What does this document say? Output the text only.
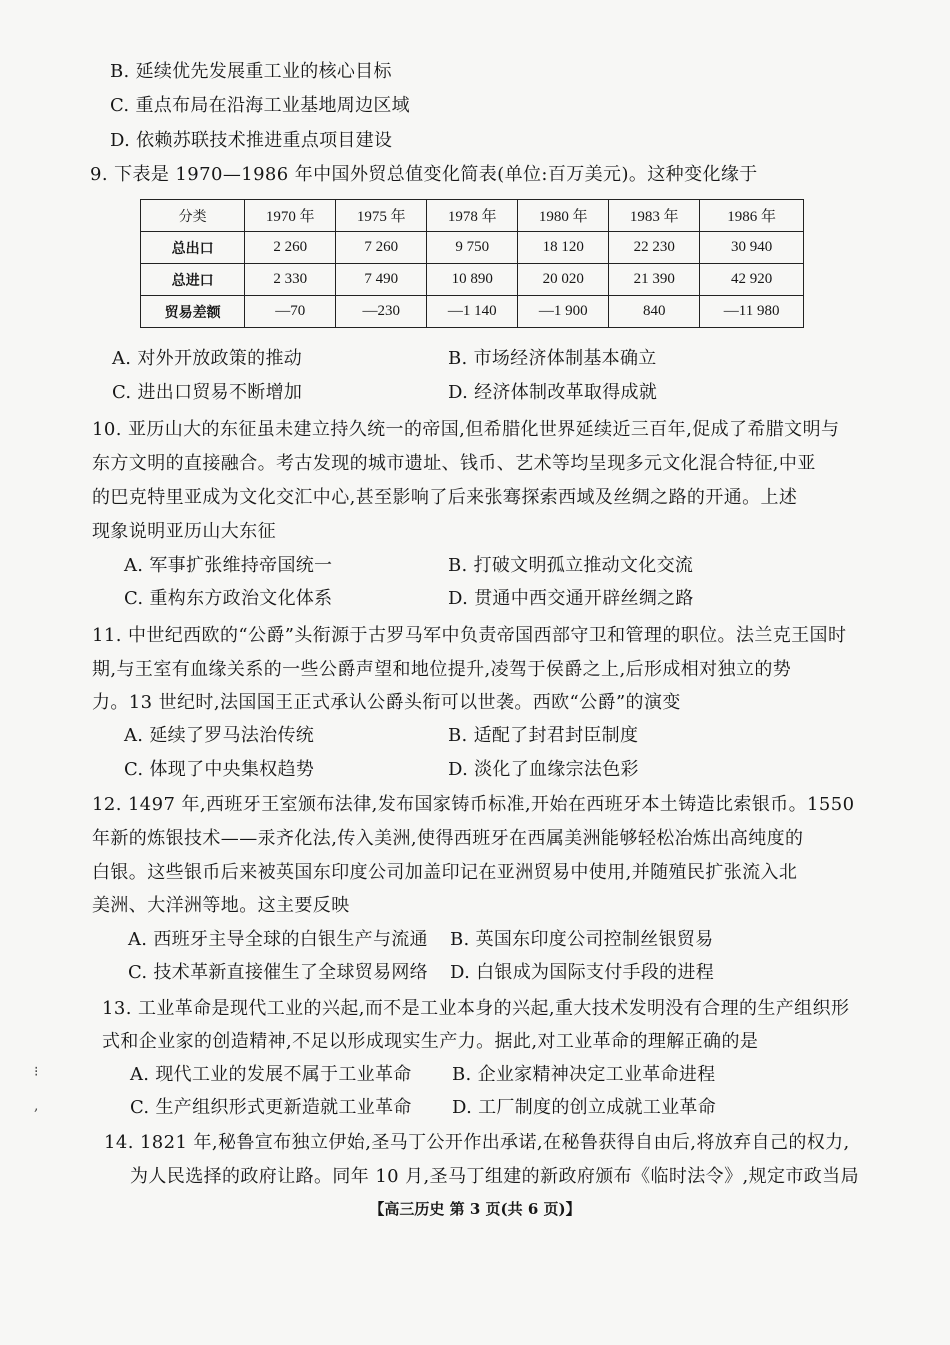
B. 延续优先发展重工业的核心目标
C. 重点布局在沿海工业基地周边区域
D. 依赖苏联技术推进重点项目建设
9. 下表是 1970—1986 年中国外贸总值变化简表(单位:百万美元)。这种变化缘于
分类	1970 年	1975 年	1978 年	1980 年	1983 年	1986 年
总出口	2 260	7 260	9 750	18 120	22 230	30 940
总进口	2 330	7 490	10 890	20 020	21 390	42 920
贸易差额	—70	—230	—1 140	—1 900	840	—11 980
A. 对外开放政策的推动	B. 市场经济体制基本确立
C. 进出口贸易不断增加	D. 经济体制改革取得成就
10. 亚历山大的东征虽未建立持久统一的帝国,但希腊化世界延续近三百年,促成了希腊文明与
东方文明的直接融合。考古发现的城市遗址、钱币、艺术等均呈现多元文化混合特征,中亚
的巴克特里亚成为文化交汇中心,甚至影响了后来张骞探索西域及丝绸之路的开通。上述
现象说明亚历山大东征
A. 军事扩张维持帝国统一	B. 打破文明孤立推动文化交流
C. 重构东方政治文化体系	D. 贯通中西交通开辟丝绸之路
11. 中世纪西欧的“公爵”头衔源于古罗马军中负责帝国西部守卫和管理的职位。法兰克王国时
期,与王室有血缘关系的一些公爵声望和地位提升,凌驾于侯爵之上,后形成相对独立的势
力。13 世纪时,法国国王正式承认公爵头衔可以世袭。西欧“公爵”的演变
A. 延续了罗马法治传统	B. 适配了封君封臣制度
C. 体现了中央集权趋势	D. 淡化了血缘宗法色彩
12. 1497 年,西班牙王室颁布法律,发布国家铸币标准,开始在西班牙本土铸造比索银币。1550
年新的炼银技术——汞齐化法,传入美洲,使得西班牙在西属美洲能够轻松冶炼出高纯度的
白银。这些银币后来被英国东印度公司加盖印记在亚洲贸易中使用,并随殖民扩张流入北
美洲、大洋洲等地。这主要反映
A. 西班牙主导全球的白银生产与流通 B. 英国东印度公司控制丝银贸易
C. 技术革新直接催生了全球贸易网络 D. 白银成为国际支付手段的进程
13. 工业革命是现代工业的兴起,而不是工业本身的兴起,重大技术发明没有合理的生产组织形
式和企业家的创造精神,不足以形成现实生产力。据此,对工业革命的理解正确的是
A. 现代工业的发展不属于工业革命 B. 企业家精神决定工业革命进程
C. 生产组织形式更新造就工业革命 D. 工厂制度的创立成就工业革命
14. 1821 年,秘鲁宣布独立伊始,圣马丁公开作出承诺,在秘鲁获得自由后,将放弃自己的权力,
为人民选择的政府让路。同年 10 月,圣马丁组建的新政府颁布《临时法令》,规定市政当局
⁝
,
【高三历史 第 3 页(共 6 页)】
